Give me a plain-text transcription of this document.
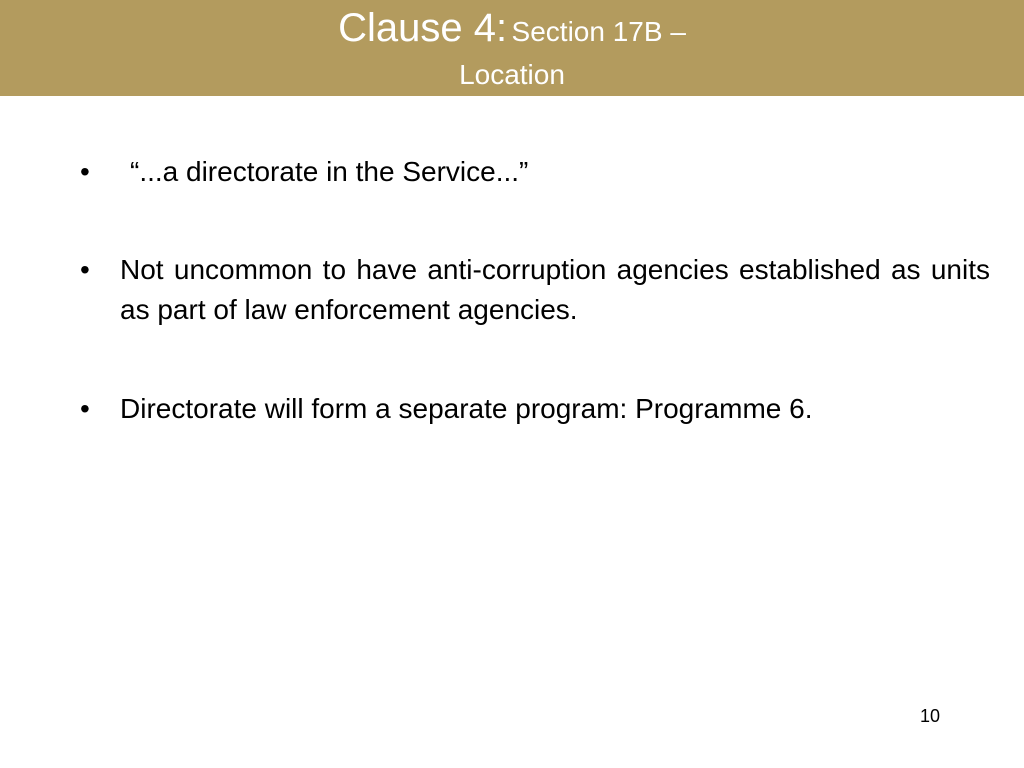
Clause 4: Section 17B –
Location
• “...a directorate in the Service...”
• Not uncommon to have anti-corruption agencies established as units as part of law enforcement agencies.
• Directorate will form a separate program: Programme 6.
10
